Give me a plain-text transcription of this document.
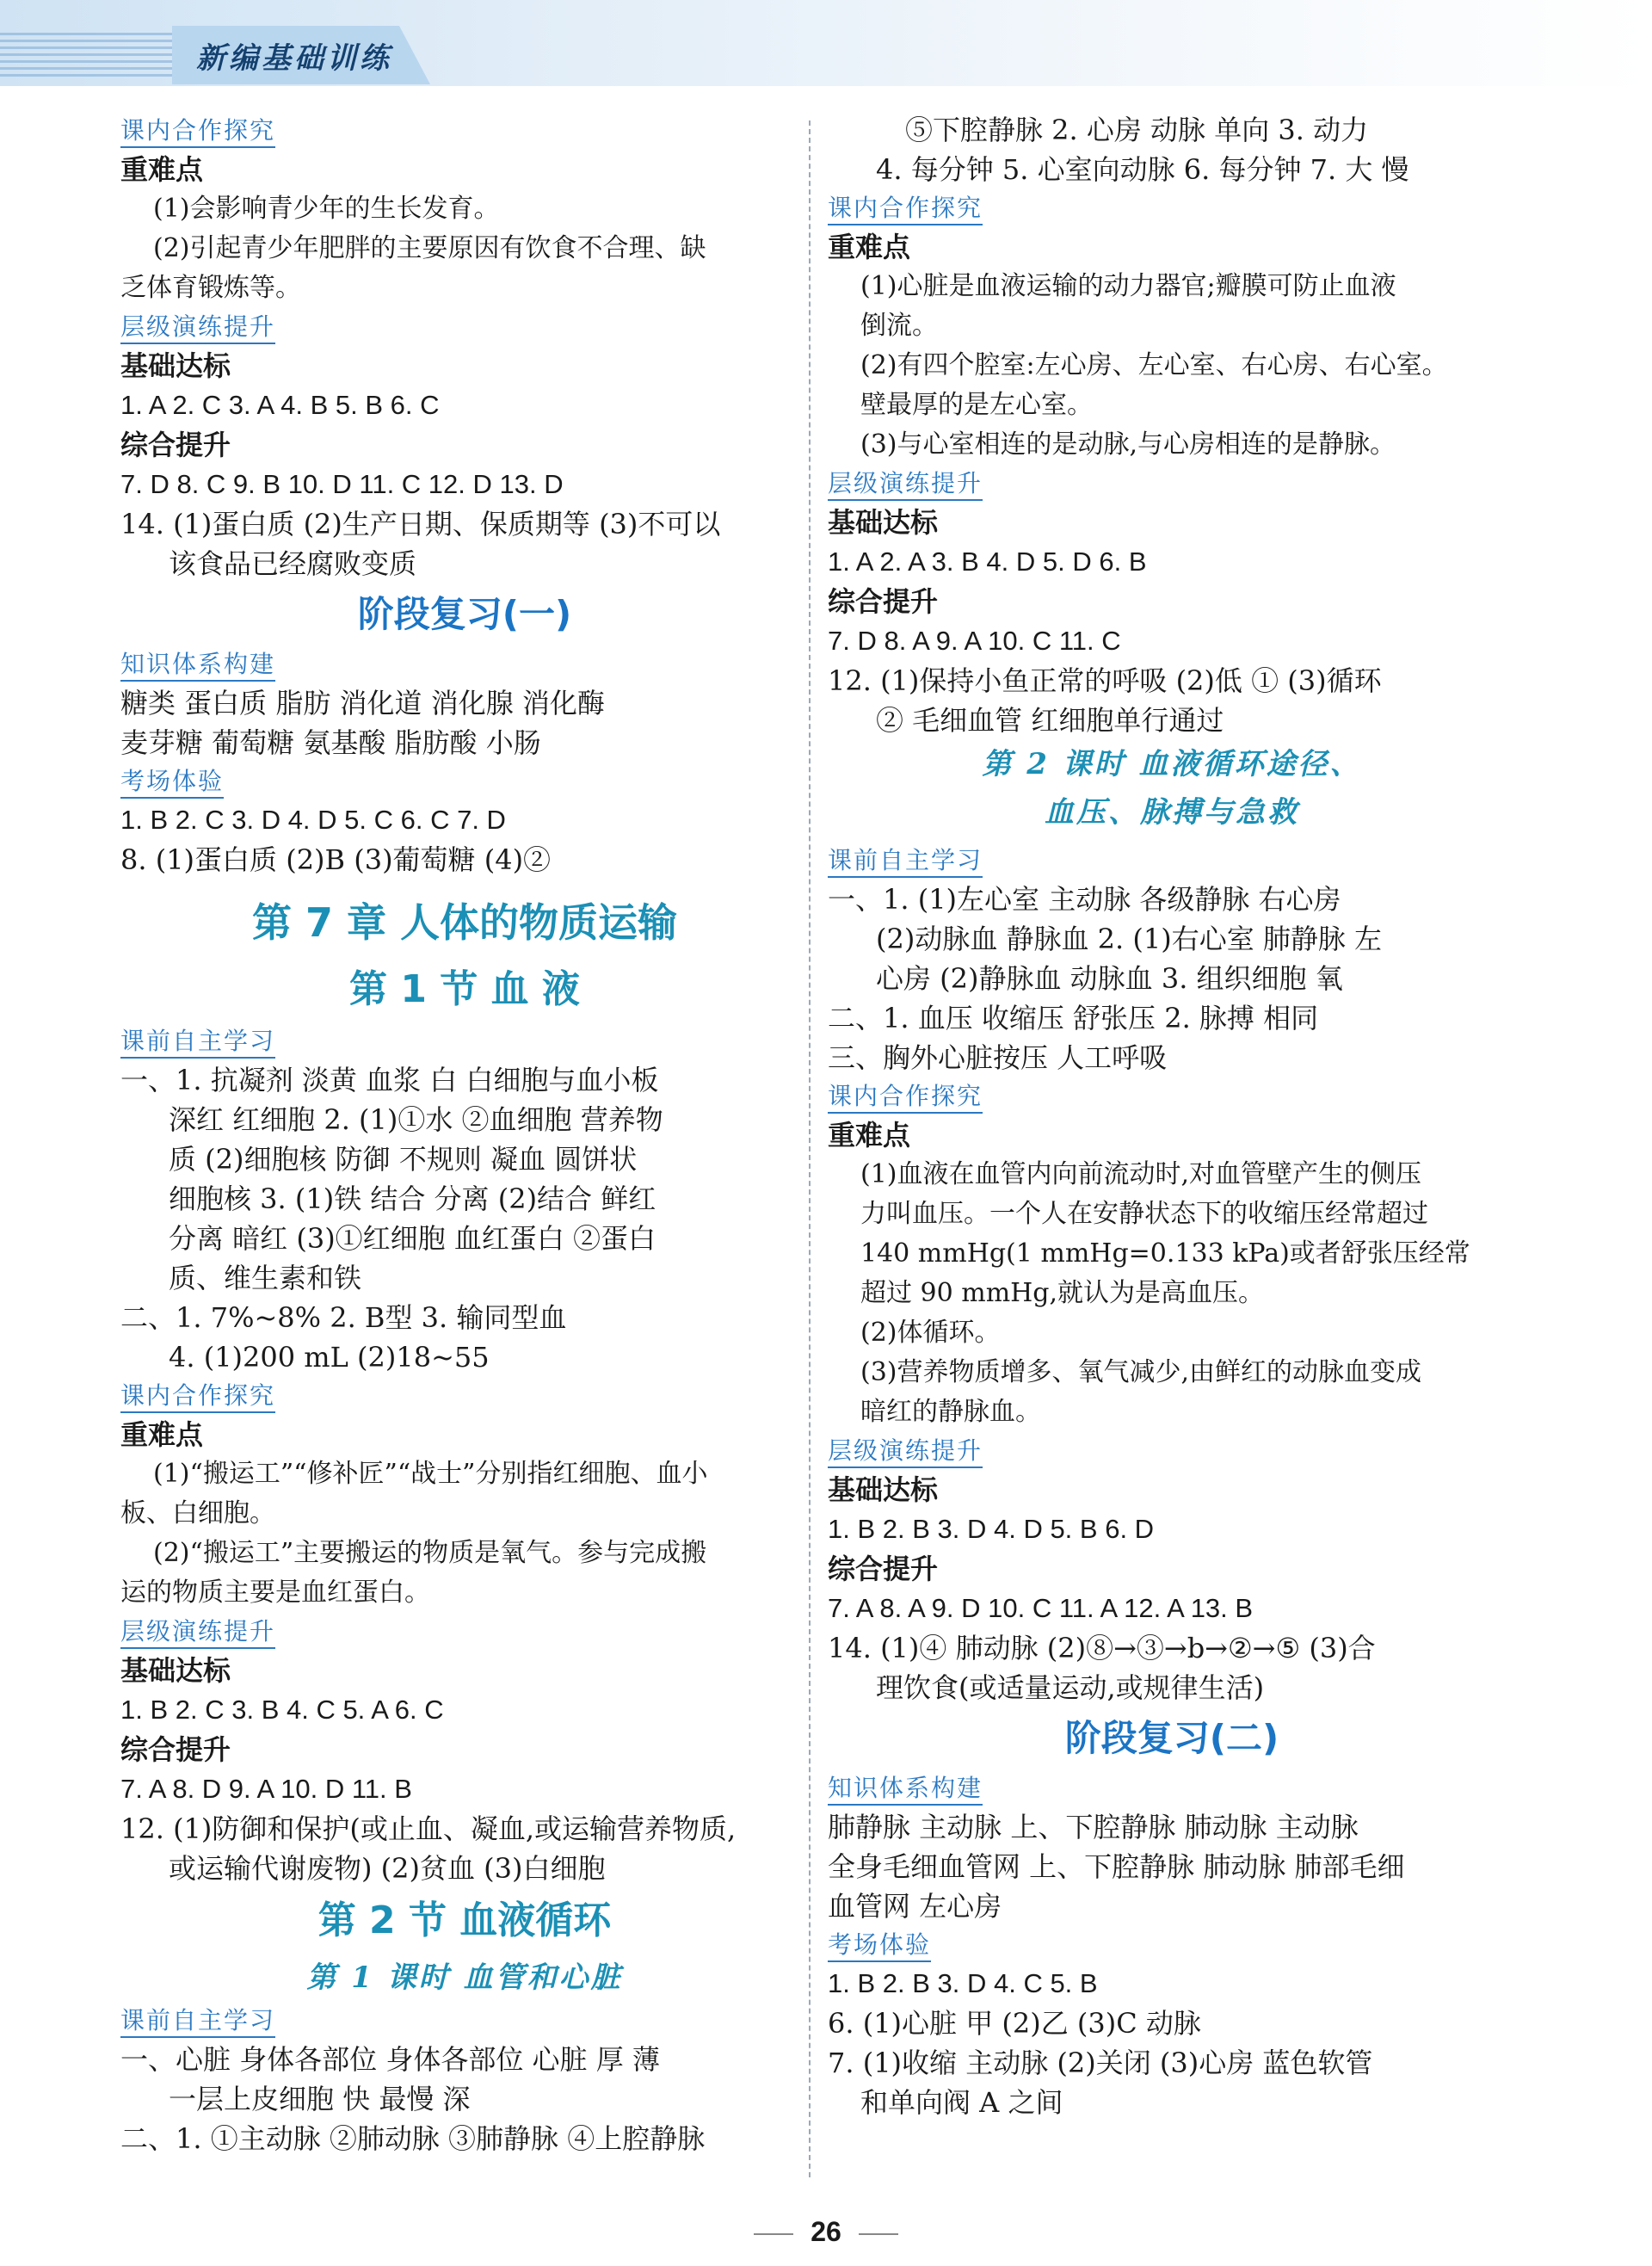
新编基础训练
课内合作探究
重难点
(1)会影响青少年的生长发育。
(2)引起青少年肥胖的主要原因有饮食不合理、缺
乏体育锻炼等。
层级演练提升
基础达标
1. A 2. C 3. A 4. B 5. B 6. C
综合提升
7. D 8. C 9. B 10. D 11. C 12. D 13. D
14. (1)蛋白质 (2)生产日期、保质期等 (3)不可以
该食品已经腐败变质
阶段复习(一)
知识体系构建
糖类 蛋白质 脂肪 消化道 消化腺 消化酶
麦芽糖 葡萄糖 氨基酸 脂肪酸 小肠
考场体验
1. B 2. C 3. D 4. D 5. C 6. C 7. D
8. (1)蛋白质 (2)B (3)葡萄糖 (4)②
第 7 章 人体的物质运输
第 1 节 血 液
课前自主学习
一、1. 抗凝剂 淡黄 血浆 白 白细胞与血小板
深红 红细胞 2. (1)①水 ②血细胞 营养物
质 (2)细胞核 防御 不规则 凝血 圆饼状
细胞核 3. (1)铁 结合 分离 (2)结合 鲜红
分离 暗红 (3)①红细胞 血红蛋白 ②蛋白
质、维生素和铁
二、1. 7%~8% 2. B型 3. 输同型血
4. (1)200 mL (2)18~55
课内合作探究
重难点
(1)“搬运工”“修补匠”“战士”分别指红细胞、血小
板、白细胞。
(2)“搬运工”主要搬运的物质是氧气。参与完成搬
运的物质主要是血红蛋白。
层级演练提升
基础达标
1. B 2. C 3. B 4. C 5. A 6. C
综合提升
7. A 8. D 9. A 10. D 11. B
12. (1)防御和保护(或止血、凝血,或运输营养物质,
或运输代谢废物) (2)贫血 (3)白细胞
第 2 节 血液循环
第 1 课时 血管和心脏
课前自主学习
一、心脏 身体各部位 身体各部位 心脏 厚 薄
一层上皮细胞 快 最慢 深
二、1. ①主动脉 ②肺动脉 ③肺静脉 ④上腔静脉
⑤下腔静脉 2. 心房 动脉 单向 3. 动力
4. 每分钟 5. 心室向动脉 6. 每分钟 7. 大 慢
课内合作探究
重难点
(1)心脏是血液运输的动力器官;瓣膜可防止血液
倒流。
(2)有四个腔室:左心房、左心室、右心房、右心室。
壁最厚的是左心室。
(3)与心室相连的是动脉,与心房相连的是静脉。
层级演练提升
基础达标
1. A 2. A 3. B 4. D 5. D 6. B
综合提升
7. D 8. A 9. A 10. C 11. C
12. (1)保持小鱼正常的呼吸 (2)低 ① (3)循环
② 毛细血管 红细胞单行通过
第 2 课时 血液循环途径、
血压、脉搏与急救
课前自主学习
一、1. (1)左心室 主动脉 各级静脉 右心房
(2)动脉血 静脉血 2. (1)右心室 肺静脉 左
心房 (2)静脉血 动脉血 3. 组织细胞 氧
二、1. 血压 收缩压 舒张压 2. 脉搏 相同
三、胸外心脏按压 人工呼吸
课内合作探究
重难点
(1)血液在血管内向前流动时,对血管壁产生的侧压
力叫血压。一个人在安静状态下的收缩压经常超过
140 mmHg(1 mmHg=0.133 kPa)或者舒张压经常
超过 90 mmHg,就认为是高血压。
(2)体循环。
(3)营养物质增多、氧气减少,由鲜红的动脉血变成
暗红的静脉血。
层级演练提升
基础达标
1. B 2. B 3. D 4. D 5. B 6. D
综合提升
7. A 8. A 9. D 10. C 11. A 12. A 13. B
14. (1)④ 肺动脉 (2)⑧→③→b→②→⑤ (3)合
理饮食(或适量运动,或规律生活)
阶段复习(二)
知识体系构建
肺静脉 主动脉 上、下腔静脉 肺动脉 主动脉
全身毛细血管网 上、下腔静脉 肺动脉 肺部毛细
血管网 左心房
考场体验
1. B 2. B 3. D 4. C 5. B
6. (1)心脏 甲 (2)乙 (3)C 动脉
7. (1)收缩 主动脉 (2)关闭 (3)心房 蓝色软管
和单向阀 A 之间
26
